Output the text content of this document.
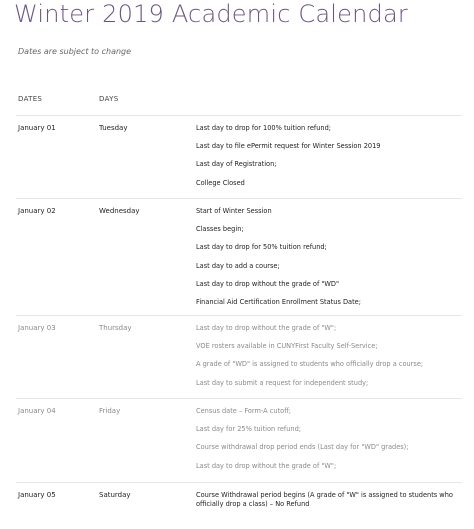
Winter 2019 Academic Calendar
Dates are subject to change
DATES	DAYS
January 01	Tuesday	Last day to drop for 100% tuition refund;
Last day to file ePermit request for Winter Session 2019
Last day of Registration;
College Closed
January 02	Wednesday	Start of Winter Session
Classes begin;
Last day to drop for 50% tuition refund;
Last day to add a course;
Last day to drop without the grade of "WD"
Financial Aid Certification Enrollment Status Date;
January 03	Thursday	Last day to drop without the grade of "W";
VOE rosters available in CUNYFirst Faculty Self-Service;
A grade of "WD" is assigned to students who officially drop a course;
Last day to submit a request for independent study;
January 04	Friday	Census date – Form-A cutoff;
Last day for 25% tuition refund;
Course withdrawal drop period ends (Last day for "WD" grades);
Last day to drop without the grade of "W";
January 05	Saturday	Course Withdrawal period begins (A grade of "W" is assigned to students who officially drop a class) – No Refund
